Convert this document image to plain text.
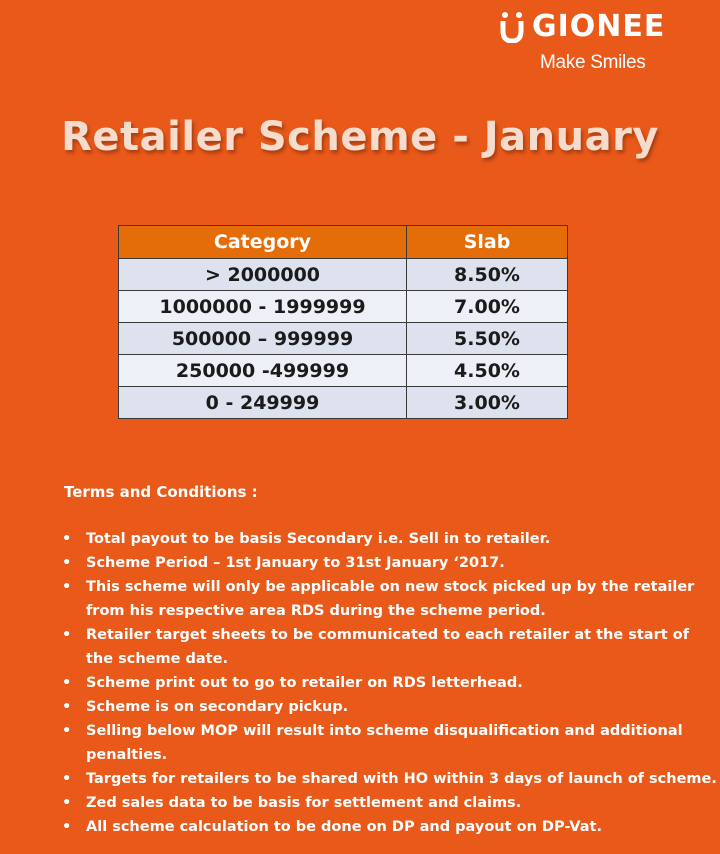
GIONEE
Make Smiles
Retailer Scheme - January
Category	Slab
> 2000000	8.50%
1000000 - 1999999	7.00%
500000 – 999999	5.50%
250000 -499999	4.50%
0 - 249999	3.00%
Terms and Conditions :
• Total payout to be basis Secondary i.e. Sell in to retailer.
• Scheme Period – 1st January to 31st January ‘2017.
• This scheme will only be applicable on new stock picked up by the retailer from his respective area RDS during the scheme period.
• Retailer target sheets to be communicated to each retailer at the start of the scheme date.
• Scheme print out to go to retailer on RDS letterhead.
• Scheme is on secondary pickup.
• Selling below MOP will result into scheme disqualification and additional penalties.
• Targets for retailers to be shared with HO within 3 days of launch of scheme.
• Zed sales data to be basis for settlement and claims.
• All scheme calculation to be done on DP and payout on DP-Vat.
